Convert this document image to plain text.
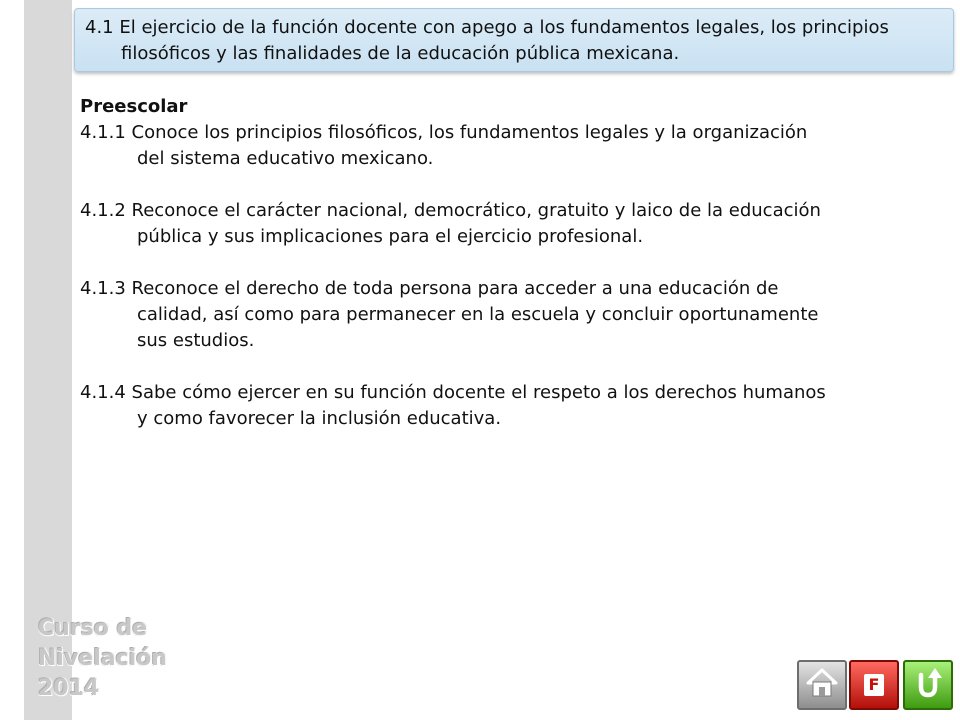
4.1 El ejercicio de la función docente con apego a los fundamentos legales, los principios
filosóficos y las finalidades de la educación pública mexicana.
Preescolar
4.1.1 Conoce los principios filosóficos, los fundamentos legales y la organización
del sistema educativo mexicano.
4.1.2 Reconoce el carácter nacional, democrático, gratuito y laico de la educación
pública y sus implicaciones para el ejercicio profesional.
4.1.3 Reconoce el derecho de toda persona para acceder a una educación de
calidad, así como para permanecer en la escuela y concluir oportunamente
sus estudios.
4.1.4 Sabe cómo ejercer en su función docente el respeto a los derechos humanos
y como favorecer la inclusión educativa.
Curso de
Nivelación
2014	F
